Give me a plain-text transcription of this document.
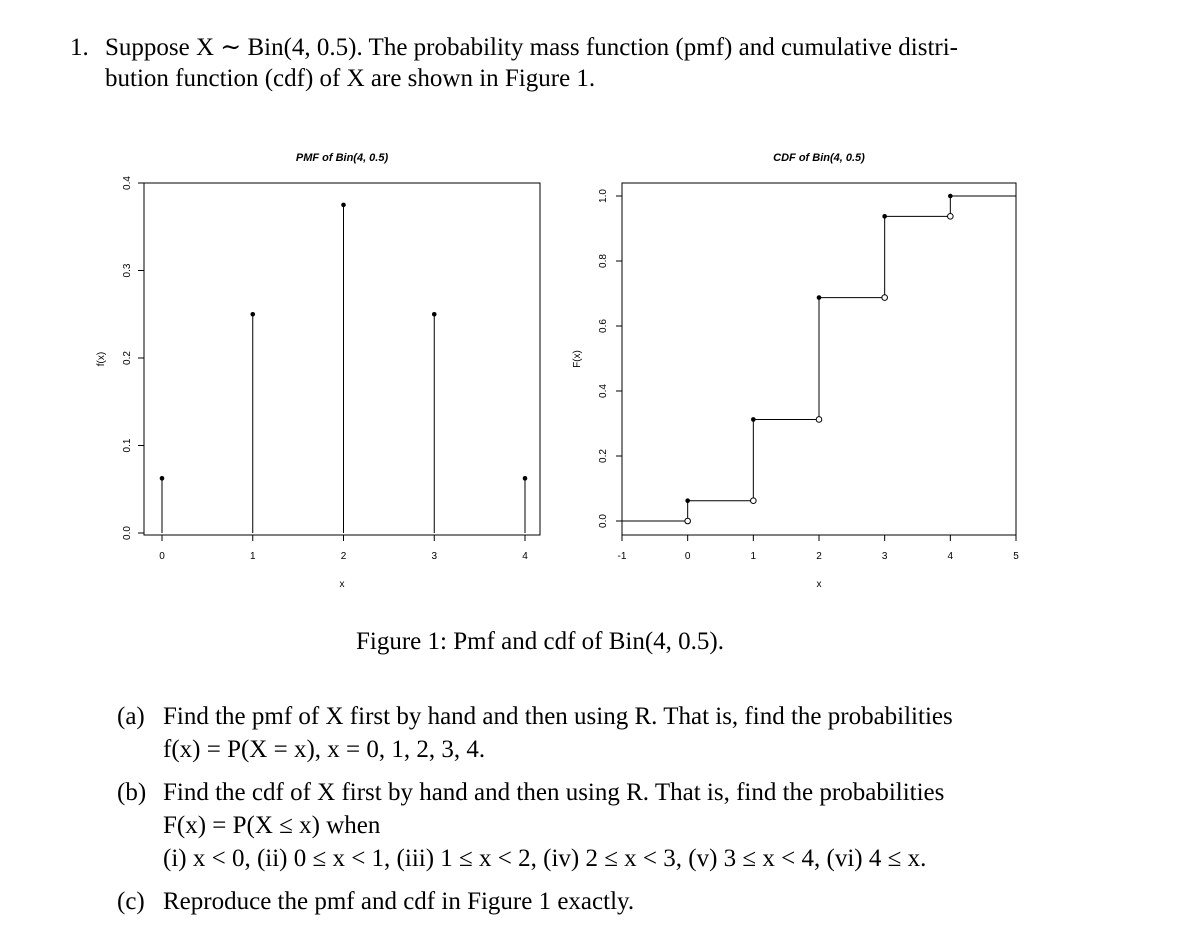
1. Suppose X ∼ Bin(4, 0.5). The probability mass function (pmf) and cumulative distri-
bution function (cdf) of X are shown in Figure 1.
PMF of Bin(4, 0.5)
x
f(x)
0	1	2	3	4
0.0
0.1
0.2
0.3
0.4
CDF of Bin(4, 0.5)
x
F(x)
-1	0	1	2	3	4	5
0.0
0.2
0.4
0.6
0.8
1.0
Figure 1: Pmf and cdf of Bin(4, 0.5).
(a) Find the pmf of X first by hand and then using R. That is, find the probabilities
f(x) = P(X = x), x = 0, 1, 2, 3, 4.
(b) Find the cdf of X first by hand and then using R. That is, find the probabilities
F(x) = P(X ≤ x) when
(i) x < 0, (ii) 0 ≤ x < 1, (iii) 1 ≤ x < 2, (iv) 2 ≤ x < 3, (v) 3 ≤ x < 4, (vi) 4 ≤ x.
(c) Reproduce the pmf and cdf in Figure 1 exactly.
